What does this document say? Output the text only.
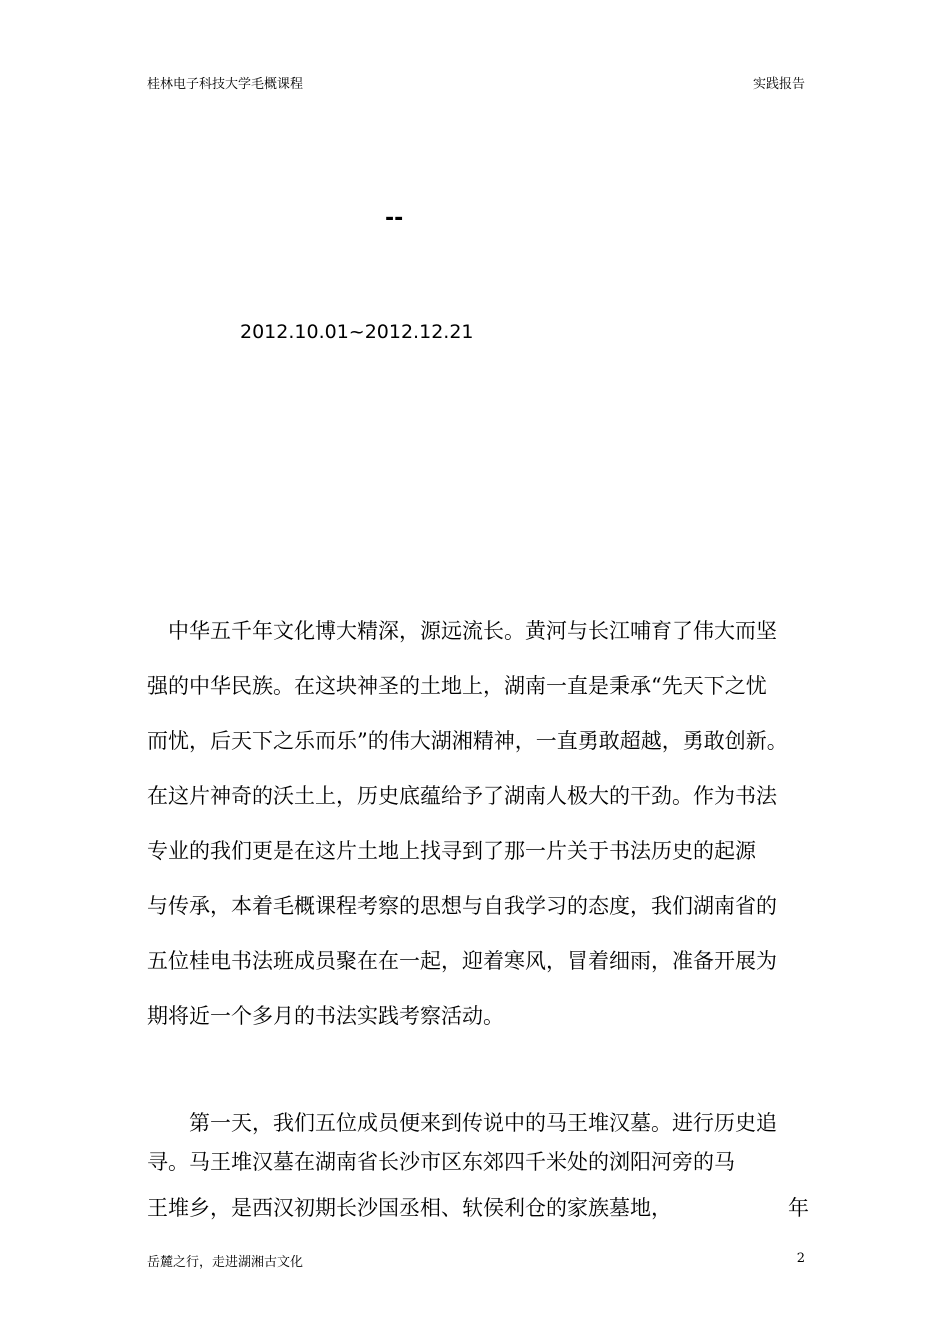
桂林电子科技大学毛概课程	实践报告
--
2012.10.01~2012.12.21
中华五千年文化博大精深，源远流长。黄河与长江哺育了伟大而坚
强的中华民族。在这块神圣的土地上，湖南一直是秉承“先天下之忧
而忧，后天下之乐而乐”的伟大湖湘精神，一直勇敢超越，勇敢创新。
在这片神奇的沃土上，历史底蕴给予了湖南人极大的干劲。作为书法
专业的我们更是在这片土地上找寻到了那一片关于书法历史的起源
与传承，本着毛概课程考察的思想与自我学习的态度，我们湖南省的
五位桂电书法班成员聚在在一起，迎着寒风，冒着细雨，准备开展为
期将近一个多月的书法实践考察活动。
第一天，我们五位成员便来到传说中的马王堆汉墓。进行历史追
寻。马王堆汉墓在湖南省长沙市区东郊四千米处的浏阳河旁的马
王堆乡，是西汉初期长沙国丞相、轪侯利仓的家族墓地，	年
岳麓之行，走进湖湘古文化	2
